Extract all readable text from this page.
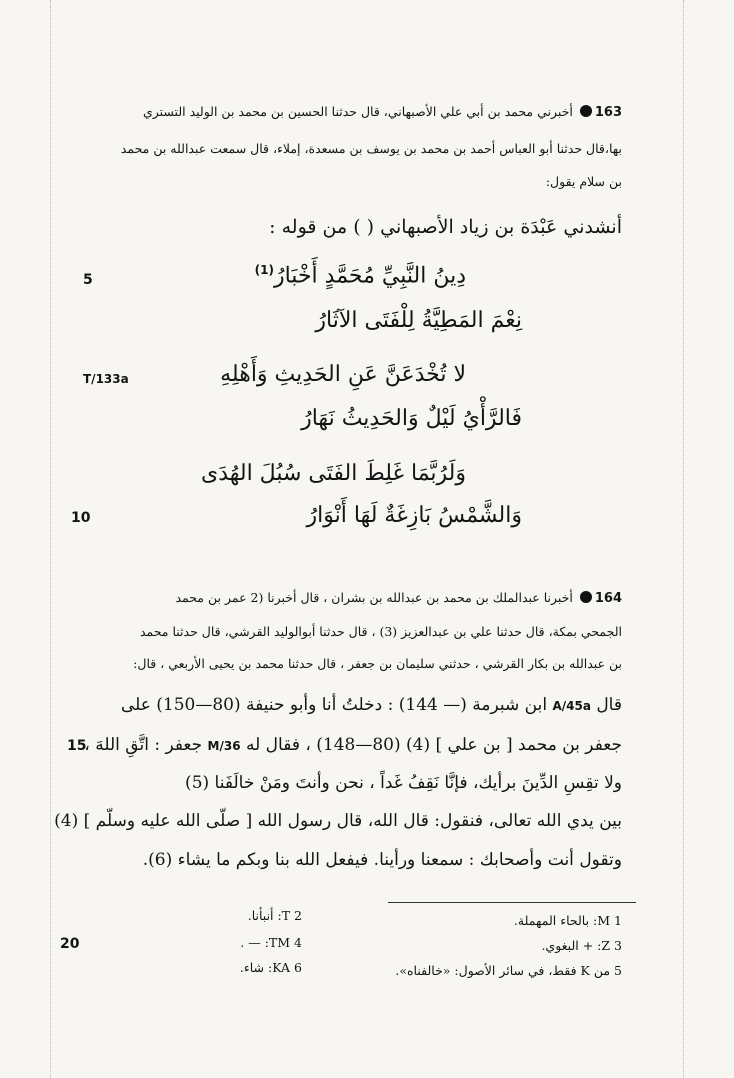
163 أخبرني محمد بن أبي علي الأصبهاني، قال حدثنا الحسين بن محمد بن الوليد التستري
بها،قال حدثنا أبو العباس أحمد بن محمد بن يوسف بن مسعدة، إملاء، قال سمعت عبدالله بن محمد
بن سلام يقول:
أنشدني عَبْدَة بن زياد الأصبهاني ( ) من قوله :
5	دِينُ النَّبِيِّ مُحَمَّدٍ أَخْبَارُ$^{(1)}$
نِعْمَ المَطِيَّةُ لِلْفَتَى الآثَارُ
T/133a	لا تُخْدَعَنَّ عَنِ الحَدِيثِ وَأَهْلِهِ
فَالرَّأْيُ لَيْلٌ وَالحَدِيثُ نَهَارُ
وَلَرُبَّمَا غَلِطَ الفَتَى سُبُلَ الهُدَى
10	وَالشَّمْسُ بَازِغَةٌ لَهَا أَنْوَارُ
164 أخبرنا عبدالملك بن محمد بن عبدالله بن بشران ، قال أخبرنا (2 عمر بن محمد
الجمحي بمكة، قال حدثنا علي بن عبدالعزيز (3) ، قال حدثنا أبوالوليد القرشي، قال حدثنا محمد
بن عبدالله بن بكار القرشي ، حدثني سليمان بن جعفر ، قال حدثنا محمد بن يحيى الأربعي ، قال:
قال A/45a ابن شبرمة (— 144) : دخلتُ أنا وأبو حنيفة (80—150) على
15	جعفر بن محمد [ بن علي ] (4) (80—148) ، فقال له M/36 جعفر : اتَّقِ اللهَ ،
ولا تقِسِ الدِّينَ برأيك، فإنَّا نَقِفُ غَداً ، نحن وأنتَ ومَنْ خالَفَنا (5)
بين يدي الله تعالى، فنقول: قال الله، قال رسول الله [ صلّى الله عليه وسلّم ] (4)
وتقول أنت وأصحابك : سمعنا ورأينا. فيفعل الله بنا وبكم ما يشاء (6).
20
1 M: بالحاء المهملة.
3 Z: + البغوي.
5 من K فقط، في سائر الأصول: «خالفناه».
2 T: أنبأنا.
4 TM: — .
6 KA: شاء.
